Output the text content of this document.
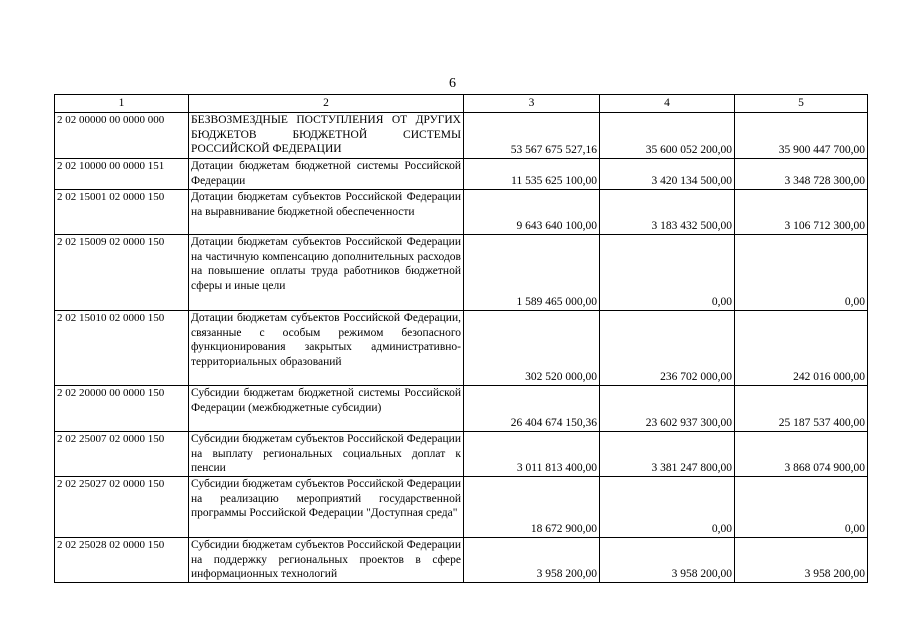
6
1	2	3	4	5
2 02 00000 00 0000 000	БЕЗВОЗМЕЗДНЫЕ ПОСТУПЛЕНИЯ ОТ ДРУГИХ БЮДЖЕТОВ БЮДЖЕТНОЙ СИСТЕМЫ РОССИЙСКОЙ ФЕДЕРАЦИИ	53 567 675 527,16	35 600 052 200,00	35 900 447 700,00
2 02 10000 00 0000 151	Дотации бюджетам бюджетной системы Российской Федерации	11 535 625 100,00	3 420 134 500,00	3 348 728 300,00
2 02 15001 02 0000 150	Дотации бюджетам субъектов Российской Федерации на выравнивание бюджетной обеспеченности	9 643 640 100,00	3 183 432 500,00	3 106 712 300,00
2 02 15009 02 0000 150	Дотации бюджетам субъектов Российской Федерации на частичную компенсацию дополнительных расходов на повышение оплаты труда работников бюджетной сферы и иные цели	1 589 465 000,00	0,00	0,00
2 02 15010 02 0000 150	Дотации бюджетам субъектов Российской Федерации, связанные с особым режимом безопасного функционирования закрытых административно-территориальных образований	302 520 000,00	236 702 000,00	242 016 000,00
2 02 20000 00 0000 150	Субсидии бюджетам бюджетной системы Российской Федерации (межбюджетные субсидии)	26 404 674 150,36	23 602 937 300,00	25 187 537 400,00
2 02 25007 02 0000 150	Субсидии бюджетам субъектов Российской Федерации на выплату региональных социальных доплат к пенсии	3 011 813 400,00	3 381 247 800,00	3 868 074 900,00
2 02 25027 02 0000 150	Субсидии бюджетам субъектов Российской Федерации на реализацию мероприятий государственной программы Российской Федерации "Доступная среда"	18 672 900,00	0,00	0,00
2 02 25028 02 0000 150	Субсидии бюджетам субъектов Российской Федерации на поддержку региональных проектов в сфере информационных технологий	3 958 200,00	3 958 200,00	3 958 200,00
